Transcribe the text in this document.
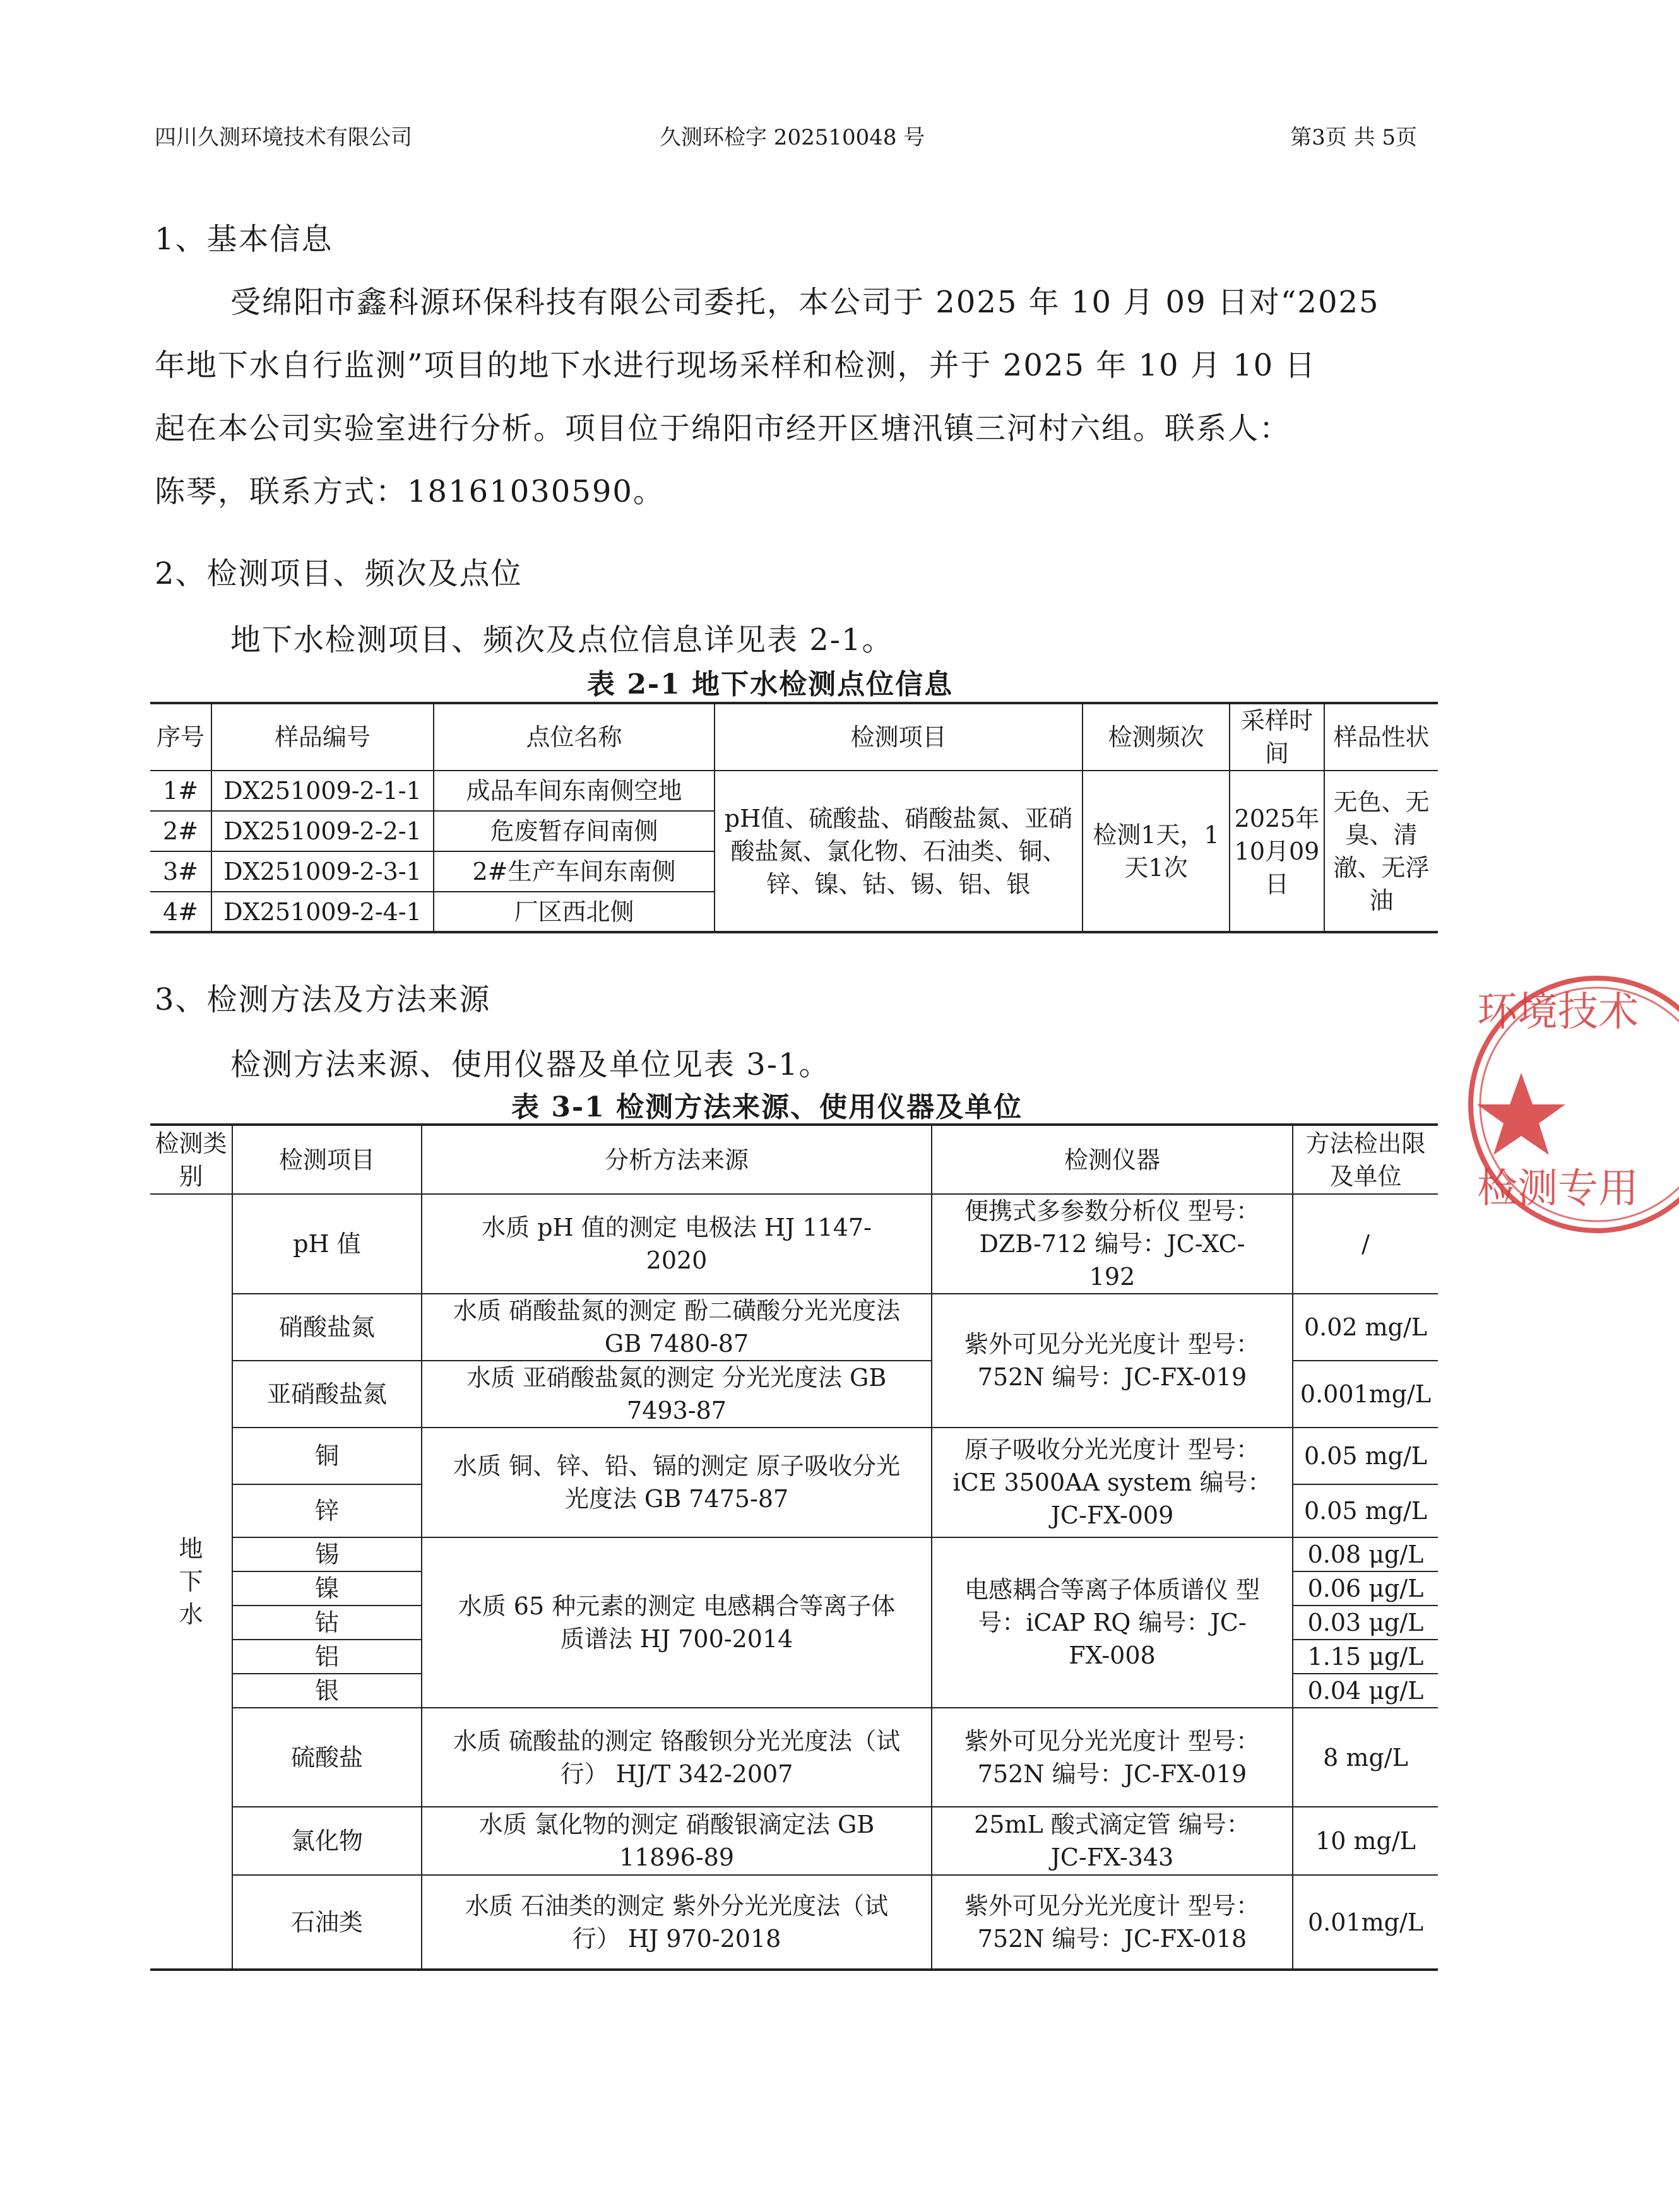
四川久测环境技术有限公司	久测环检字 202510048 号	第3页 共 5页
1、基本信息
受绵阳市鑫科源环保科技有限公司委托，本公司于 2025 年 10 月 09 日对“2025
年地下水自行监测”项目的地下水进行现场采样和检测，并于 2025 年 10 月 10 日
起在本公司实验室进行分析。项目位于绵阳市经开区塘汛镇三河村六组。联系人：
陈琴，联系方式：18161030590。
2、检测项目、频次及点位
地下水检测项目、频次及点位信息详见表 2-1。
表 2-1 地下水检测点位信息
序号	样品编号	点位名称	检测项目	检测频次	采样时间	样品性状
1#	DX251009-2-1-1	成品车间东南侧空地	pH值、硫酸盐、硝酸盐氮、亚硝酸盐氮、氯化物、石油类、铜、锌、镍、钴、锡、铝、银	检测1天，1天1次	2025年10月09日	无色、无臭、清澈、无浮油
2#	DX251009-2-2-1	危废暂存间南侧				
3#	DX251009-2-3-1	2#生产车间东南侧				
4#	DX251009-2-4-1	厂区西北侧				
3、检测方法及方法来源
检测方法来源、使用仪器及单位见表 3-1。
表 3-1 检测方法来源、使用仪器及单位
检测类别	检测项目	分析方法来源	检测仪器	方法检出限及单位
地下水	pH 值	水质 pH 值的测定 电极法 HJ 1147-2020	便携式多参数分析仪 型号：DZB-712 编号：JC-XC-192	/
	硝酸盐氮	水质 硝酸盐氮的测定 酚二磺酸分光光度法 GB 7480-87	紫外可见分光光度计 型号：752N 编号：JC-FX-019	0.02 mg/L
	亚硝酸盐氮	水质 亚硝酸盐氮的测定 分光光度法 GB 7493-87		0.001mg/L
	铜	水质 铜、锌、铅、镉的测定 原子吸收分光光度法 GB 7475-87	原子吸收分光光度计 型号：iCE 3500AA system 编号：JC-FX-009	0.05 mg/L
	锌			0.05 mg/L
	锡	水质 65 种元素的测定 电感耦合等离子体质谱法 HJ 700-2014	电感耦合等离子体质谱仪 型号：iCAP RQ 编号：JC-FX-008	0.08 μg/L
	镍			0.06 μg/L
	钴			0.03 μg/L
	铝			1.15 μg/L
	银			0.04 μg/L
	硫酸盐	水质 硫酸盐的测定 铬酸钡分光光度法（试行） HJ/T 342-2007	紫外可见分光光度计 型号：752N 编号：JC-FX-019	8 mg/L
	氯化物	水质 氯化物的测定 硝酸银滴定法 GB 11896-89	25mL 酸式滴定管 编号：JC-FX-343	10 mg/L
	石油类	水质 石油类的测定 紫外分光光度法（试行） HJ 970-2018	紫外可见分光光度计 型号：752N 编号：JC-FX-018	0.01mg/L
环境技术
检测专用
